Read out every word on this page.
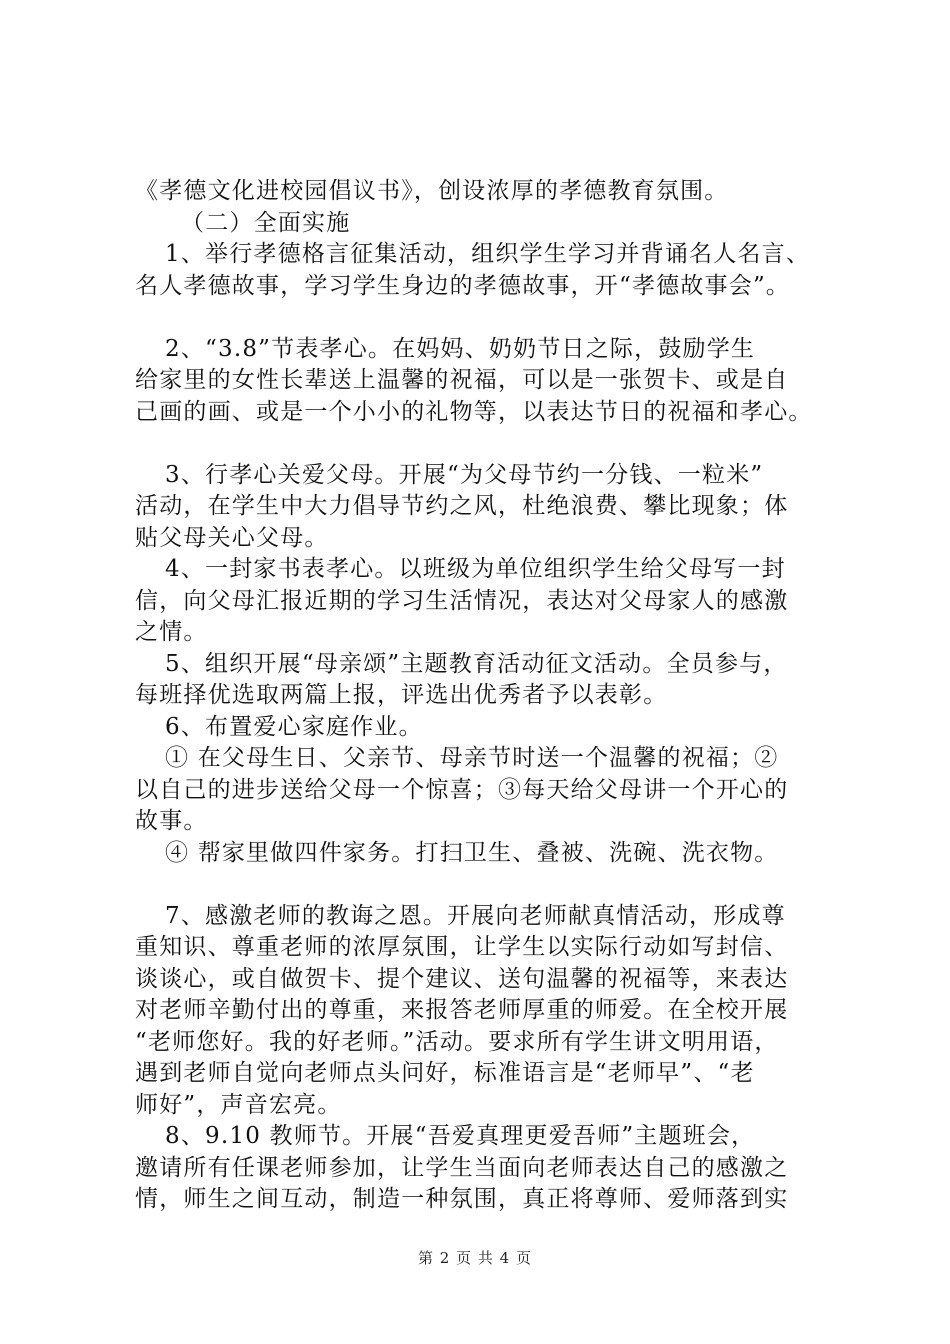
《孝德文化进校园倡议书》，创设浓厚的孝德教育氛围。
（二）全面实施
1、举行孝德格言征集活动，组织学生学习并背诵名人名言、
名人孝德故事，学习学生身边的孝德故事，开“孝德故事会”。
2、“3.8”节表孝心。在妈妈、奶奶节日之际，鼓励学生
给家里的女性长辈送上温馨的祝福，可以是一张贺卡、或是自
己画的画、或是一个小小的礼物等，以表达节日的祝福和孝心。
3、行孝心关爱父母。开展“为父母节约一分钱、一粒米”
活动，在学生中大力倡导节约之风，杜绝浪费、攀比现象；体
贴父母关心父母。
4、一封家书表孝心。以班级为单位组织学生给父母写一封
信，向父母汇报近期的学习生活情况，表达对父母家人的感激
之情。
5、组织开展“母亲颂”主题教育活动征文活动。全员参与，
每班择优选取两篇上报，评选出优秀者予以表彰。
6、布置爱心家庭作业。
① 在父母生日、父亲节、母亲节时送一个温馨的祝福；②
以自己的进步送给父母一个惊喜；③每天给父母讲一个开心的
故事。
④ 帮家里做四件家务。打扫卫生、叠被、洗碗、洗衣物。
7、感激老师的教诲之恩。开展向老师献真情活动，形成尊
重知识、尊重老师的浓厚氛围，让学生以实际行动如写封信、
谈谈心，或自做贺卡、提个建议、送句温馨的祝福等，来表达
对老师辛勤付出的尊重，来报答老师厚重的师爱。在全校开展
“老师您好。我的好老师。”活动。要求所有学生讲文明用语，
遇到老师自觉向老师点头问好，标准语言是“老师早”、“老
师好”，声音宏亮。
8、9.10 教师节。开展“吾爱真理更爱吾师”主题班会，
邀请所有任课老师参加，让学生当面向老师表达自己的感激之
情，师生之间互动，制造一种氛围，真正将尊师、爱师落到实
第 2 页 共 4 页
